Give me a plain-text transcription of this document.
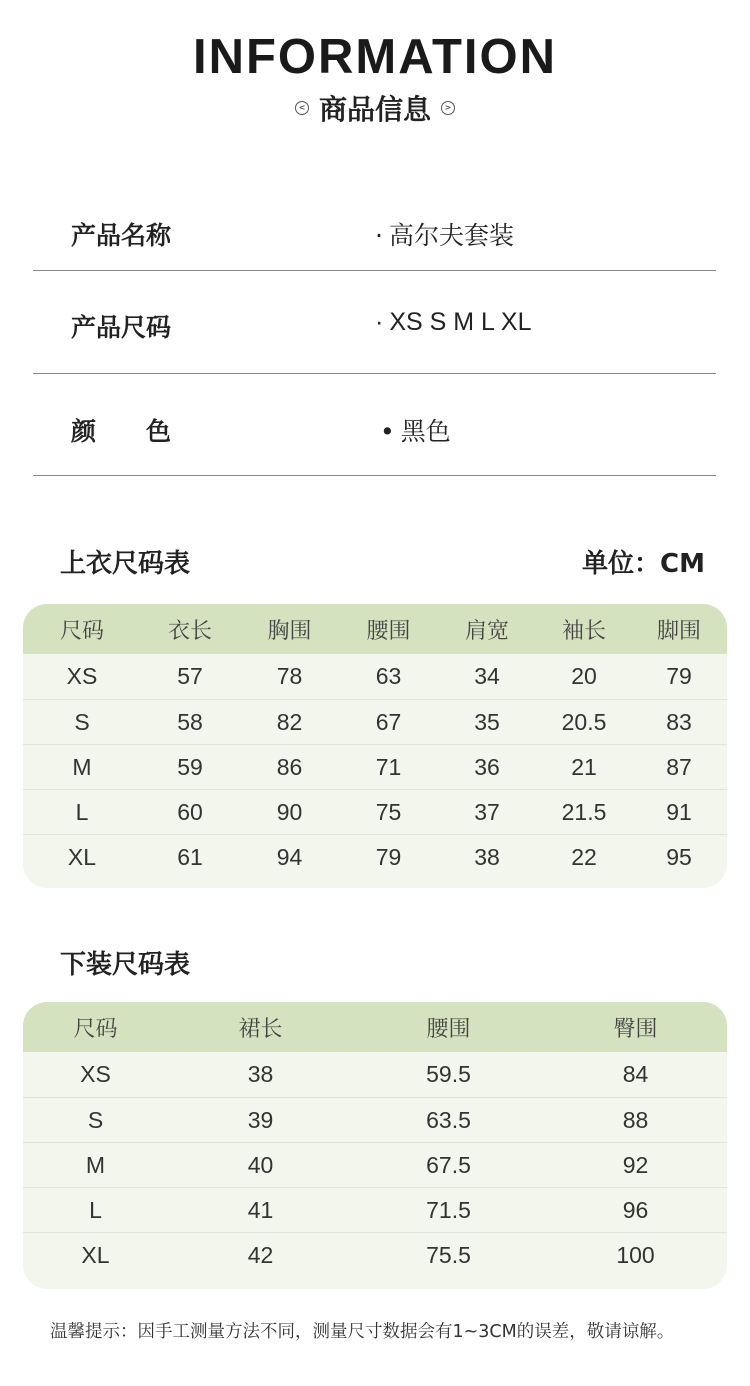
INFORMATION
< 商品信息	>
产品名称	· 高尔夫套装
产品尺码	· XS S M L XL
颜　　色	• 黑色
上衣尺码表	单位：CM
尺码	衣长	胸围	腰围	肩宽	袖长	脚围
XS	57	78	63	34	20	79
S	58	82	67	35	20.5	83
M	59	86	71	36	21	87
L	60	90	75	37	21.5	91
XL	61	94	79	38	22	95
下装尺码表
尺码	裙长	腰围	臀围
XS	38	59.5	84
S	39	63.5	88
M	40	67.5	92
L	41	71.5	96
XL	42	75.5	100
温馨提示：因手工测量方法不同，测量尺寸数据会有1~3CM的误差，敬请谅解。
